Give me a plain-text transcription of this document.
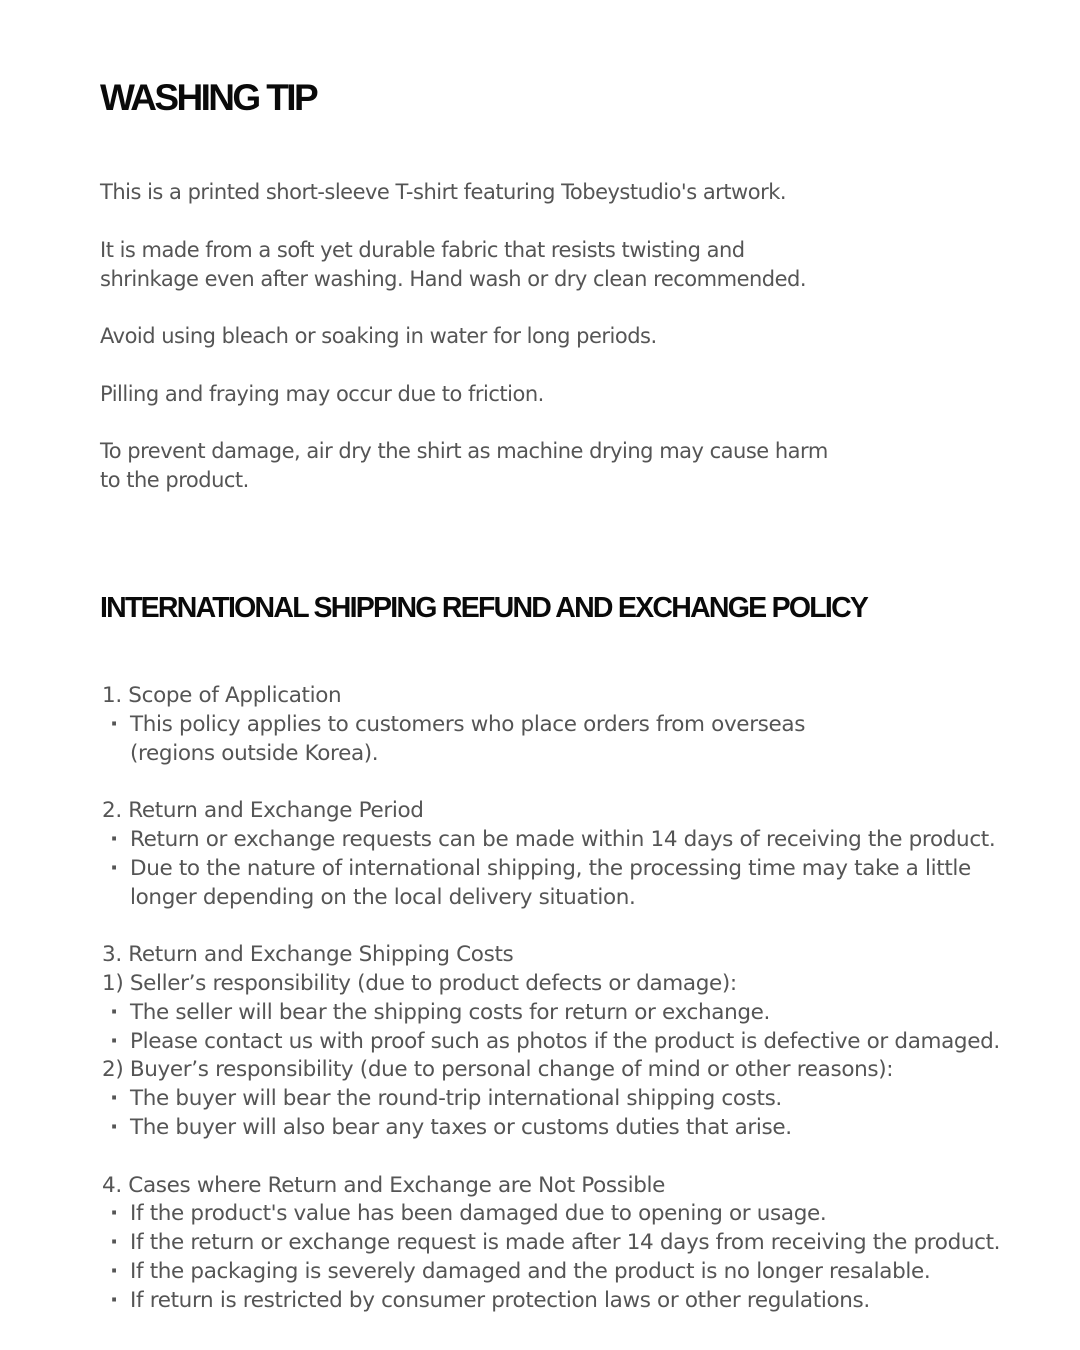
WASHING TIP

This is a printed short-sleeve T-shirt featuring Tobeystudio's artwork.

It is made from a soft yet durable fabric that resists twisting and
shrinkage even after washing. Hand wash or dry clean recommended.

Avoid using bleach or soaking in water for long periods.

Pilling and fraying may occur due to friction.

To prevent damage, air dry the shirt as machine drying may cause harm
to the product.

INTERNATIONAL SHIPPING REFUND AND EXCHANGE POLICY
1. Scope of Application
· This policy applies to customers who place orders from overseas
(regions outside Korea).
2. Return and Exchange Period
· Return or exchange requests can be made within 14 days of receiving the product.
· Due to the nature of international shipping, the processing time may take a little
longer depending on the local delivery situation.
3. Return and Exchange Shipping Costs
1) Seller’s responsibility (due to product defects or damage):
· The seller will bear the shipping costs for return or exchange.
· Please contact us with proof such as photos if the product is defective or damaged.
2) Buyer’s responsibility (due to personal change of mind or other reasons):
· The buyer will bear the round-trip international shipping costs.
· The buyer will also bear any taxes or customs duties that arise.
4. Cases where Return and Exchange are Not Possible
· If the product's value has been damaged due to opening or usage.
· If the return or exchange request is made after 14 days from receiving the product.
· If the packaging is severely damaged and the product is no longer resalable.
· If return is restricted by consumer protection laws or other regulations.
